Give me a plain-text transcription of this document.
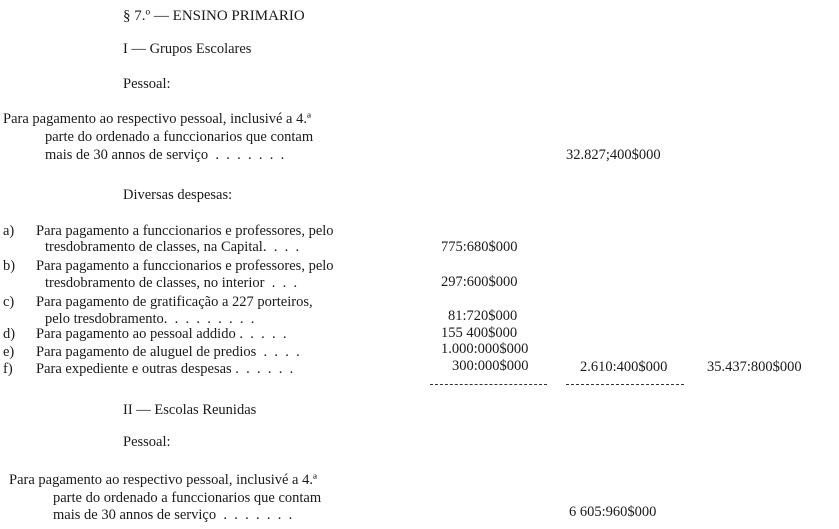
§ 7.º — ENSINO PRIMARIO
I — Grupos Escolares
Pessoal:
Para pagamento ao respectivo pessoal, inclusivé a 4.ª
parte do ordenado a funccionarios que contam
mais de 30 annos de serviço  .  .  .  .  .  .  .	32.827;400$000
Diversas despesas:
a) Para pagamento a funccionarios e professores, pelo
tresdobramento de classes, na Capital.  .  .  .	775:680$000
b) Para pagamento a funccionarios e professores, pelo
tresdobramento de classes, no interior  .  .  .	297:600$000
c) Para pagamento de gratificação a 227 porteiros,
pelo tresdobramento.  .  .  .  .  .  .  .  .	81:720$000
d) Para pagamento ao pessoal addido .  .  .  .  .	155 400$000
e) Para pagamento de aluguel de predios  .  .  .  .	1.000:000$000
f) Para expediente e outras despesas .  .  .  .  .  .	300:000$000	2.610:400$000	35.437:800$000
II — Escolas Reunidas
Pessoal:
Para pagamento ao respectivo pessoal, inclusivé a 4.ª
parte do ordenado a funccionarios que contam
mais de 30 annos de serviço  .  .  .  .  .  .  .	6 605:960$000
